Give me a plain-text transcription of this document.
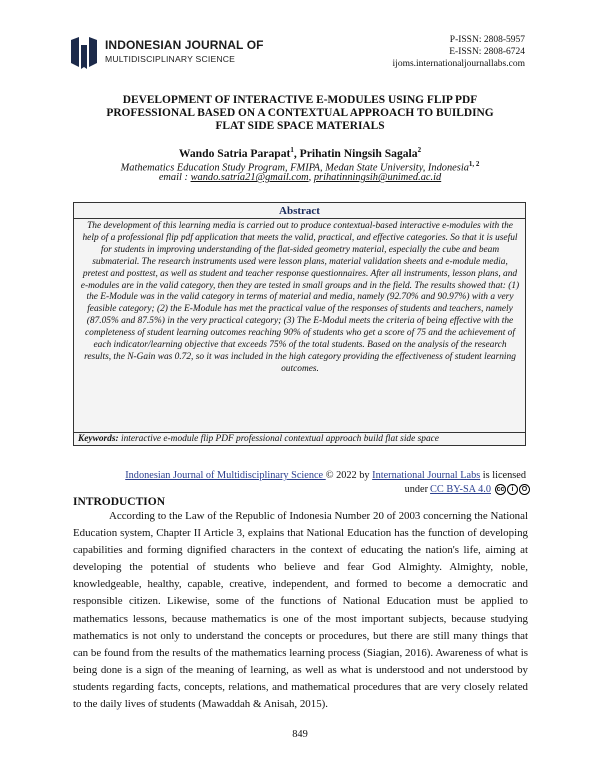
INDONESIAN JOURNAL OF
MULTIDISCIPLINARY SCIENCE
P-ISSN: 2808-5957
E-ISSN: 2808-6724
ijoms.internationaljournallabs.com
DEVELOPMENT OF INTERACTIVE E-MODULES USING FLIP PDF PROFESSIONAL BASED ON A CONTEXTUAL APPROACH TO BUILDING FLAT SIDE SPACE MATERIALS
Wando Satria Parapat$^1$, Prihatin Ningsih Sagala$^2$
Mathematics Education Study Program, FMIPA, Medan State University, Indonesia$^{1, 2}$
email : wando.satria21@gmail.com, prihatinningsih@unimed.ac.id
Abstract
The development of this learning media is carried out to produce contextual-based interactive e-modules with the help of a professional flip pdf application that meets the valid, practical, and effective categories. So that it is useful for students in improving understanding of the flat-sided geometry material, especially the cube and beam submaterial. The research instruments used were lesson plans, material validation sheets and e-module media, pretest and posttest, as well as student and teacher response questionnaires. After all instruments, lesson plans, and e-modules are in the valid category, then they are tested in small groups and in the field. The results showed that: (1) the E-Module was in the valid category in terms of material and media, namely (92.70% and 90.97%) with a very feasible category; (2) the E-Module has met the practical value of the responses of students and teachers, namely (87.05% and 87.5%) in the very practical category; (3) The E-Modul meets the criteria of being effective with the completeness of student learning outcomes reaching 90% of students who get a score of 75 and the achievement of each indicator/learning objective that exceeds 75% of the total students. Based on the analysis of the research results, the N-Gain was 0.72, so it was included in the high category providing the effectiveness of student learning outcomes.
Keywords: interactive e-module flip PDF professional contextual approach build flat side space
Indonesian Journal of Multidisciplinary Science © 2022 by International Journal Labs is licensed
under CC BY-SA 4.0 cc	i	O
INTRODUCTION
According to the Law of the Republic of Indonesia Number 20 of 2003 concerning the National Education system, Chapter II Article 3, explains that National Education has the function of developing capabilities and forming dignified characters in the context of educating the nation's life, aiming at developing the potential of students who believe and fear God Almighty. Almighty, noble, knowledgeable, healthy, capable, creative, independent, and formed to become a democratic and responsible citizen. Likewise, some of the functions of National Education must be applied to mathematics lessons, because mathematics is one of the most important subjects, because studying mathematics is not only to understand the concepts or procedures, but there are still many things that can be found from the results of the mathematics learning process (Siagian, 2016). Awareness of what is being done is a sign of the meaning of learning, as well as what is understood and not understood by students regarding facts, concepts, relations, and mathematical procedures that are very closely related to the daily lives of students (Mawaddah & Anisah, 2015).
849
